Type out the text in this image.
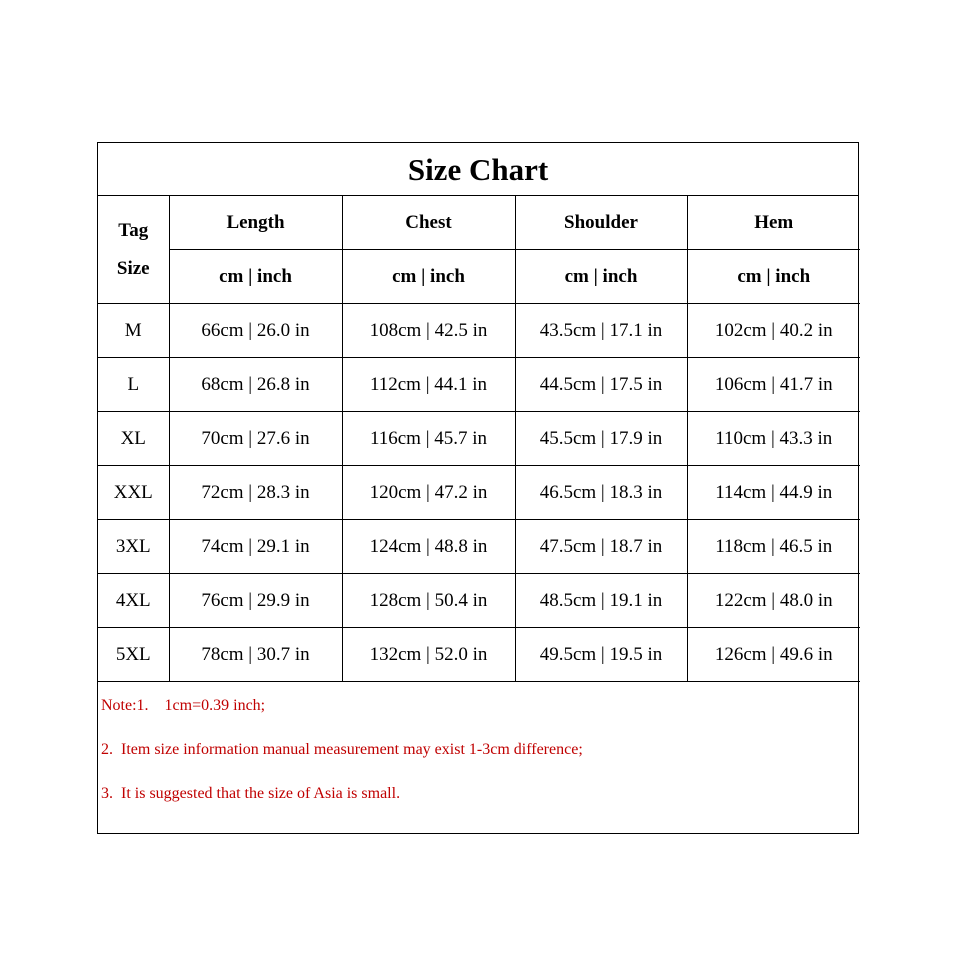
Size Chart
Tag
Size	Length	Chest	Shoulder	Hem
	cm | inch	cm | inch	cm | inch	cm | inch
M	66cm | 26.0 in	108cm | 42.5 in	43.5cm | 17.1 in	102cm | 40.2 in
L	68cm | 26.8 in	112cm | 44.1 in	44.5cm | 17.5 in	106cm | 41.7 in
XL	70cm | 27.6 in	116cm | 45.7 in	45.5cm | 17.9 in	110cm | 43.3 in
XXL	72cm | 28.3 in	120cm | 47.2 in	46.5cm | 18.3 in	114cm | 44.9 in
3XL	74cm | 29.1 in	124cm | 48.8 in	47.5cm | 18.7 in	118cm | 46.5 in
4XL	76cm | 29.9 in	128cm | 50.4 in	48.5cm | 19.1 in	122cm | 48.0 in
5XL	78cm | 30.7 in	132cm | 52.0 in	49.5cm | 19.5 in	126cm | 49.6 in
Note:1.    1cm=0.39 inch;
2.  Item size information manual measurement may exist 1-3cm difference;
3.  It is suggested that the size of Asia is small.
